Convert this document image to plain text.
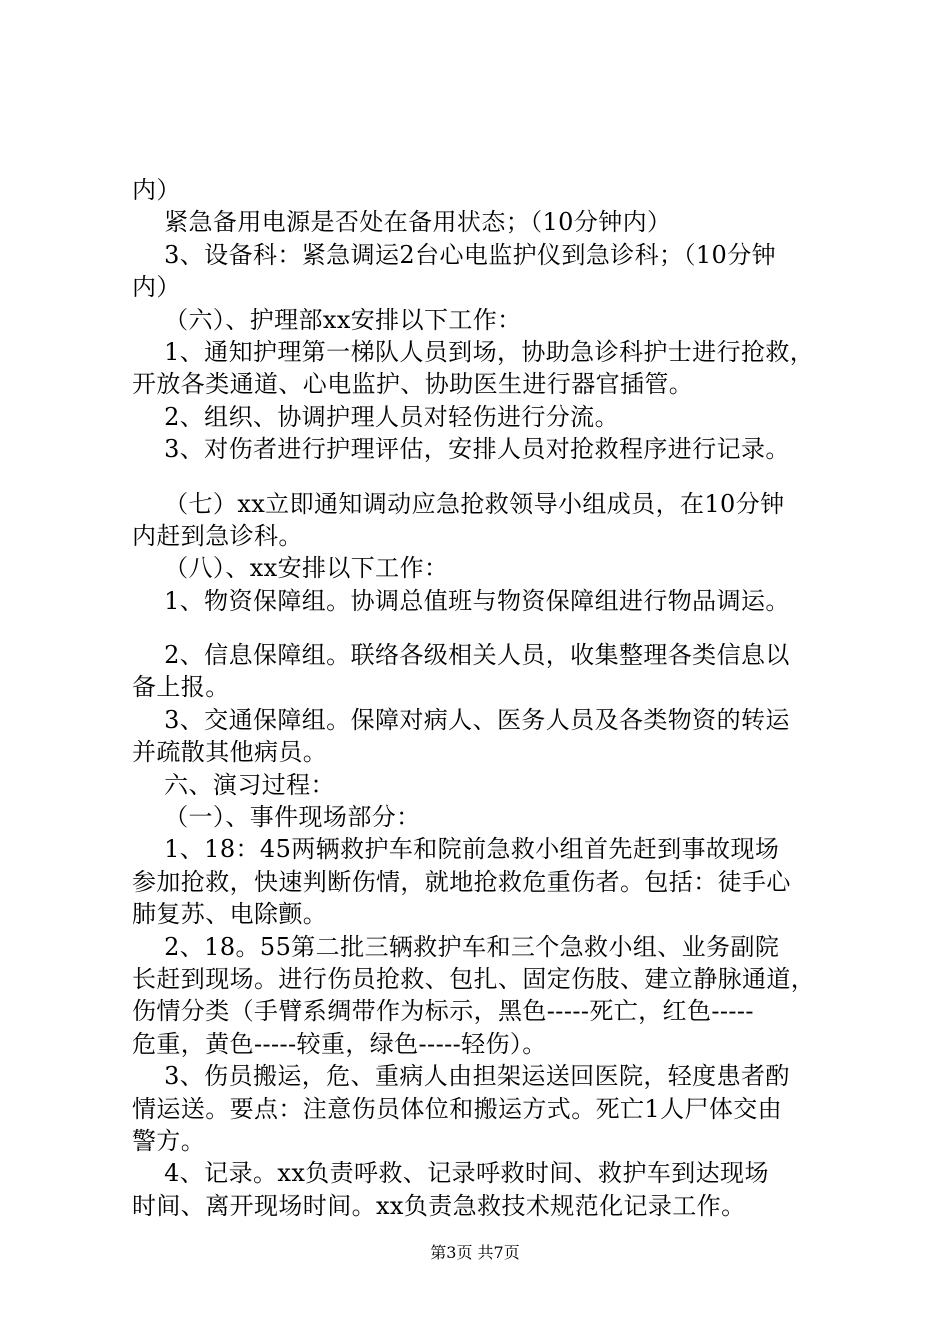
内）
紧急备用电源是否处在备用状态；（10分钟内）
3、设备科：紧急调运2台心电监护仪到急诊科；（10分钟
内）
（六）、护理部xx安排以下工作：
1、通知护理第一梯队人员到场，协助急诊科护士进行抢救，
开放各类通道、心电监护、协助医生进行器官插管。
2、组织、协调护理人员对轻伤进行分流。
3、对伤者进行护理评估，安排人员对抢救程序进行记录。
（七）xx立即通知调动应急抢救领导小组成员，在10分钟
内赶到急诊科。
（八）、xx安排以下工作：
1、物资保障组。协调总值班与物资保障组进行物品调运。
2、信息保障组。联络各级相关人员，收集整理各类信息以
备上报。
3、交通保障组。保障对病人、医务人员及各类物资的转运
并疏散其他病员。
六、演习过程：
（一）、事件现场部分：
1、18：45两辆救护车和院前急救小组首先赶到事故现场
参加抢救，快速判断伤情，就地抢救危重伤者。包括：徒手心
肺复苏、电除颤。
2、18。55第二批三辆救护车和三个急救小组、业务副院
长赶到现场。进行伤员抢救、包扎、固定伤肢、建立静脉通道，
伤情分类（手臂系绸带作为标示，黑色-----死亡，红色-----
危重，黄色-----较重，绿色-----轻伤）。
3、伤员搬运，危、重病人由担架运送回医院，轻度患者酌
情运送。要点：注意伤员体位和搬运方式。死亡1人尸体交由
警方。
4、记录。xx负责呼救、记录呼救时间、救护车到达现场
时间、离开现场时间。xx负责急救技术规范化记录工作。
第3页 共7页
